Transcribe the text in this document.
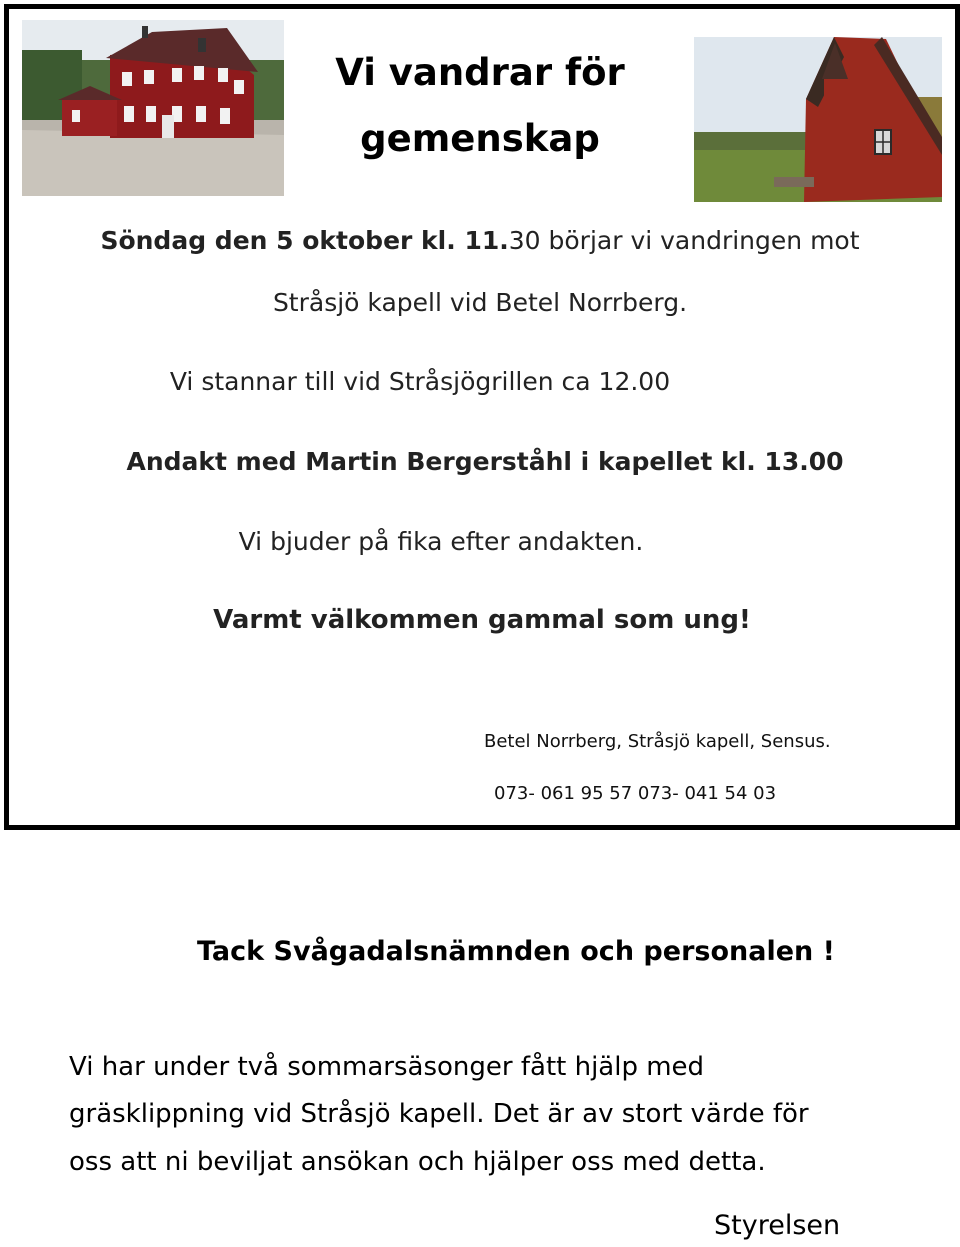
Vi vandrar för
gemenskap
Söndag den 5 oktober kl. 11.30 börjar vi vandringen mot
Stråsjö kapell vid Betel Norrberg.
Vi stannar till vid Stråsjögrillen ca 12.00
Andakt med Martin Bergerståhl i kapellet kl. 13.00
Vi bjuder på fika efter andakten.
Varmt välkommen gammal som ung!
Betel Norrberg, Stråsjö kapell, Sensus.
073- 061 95 57 073- 041 54 03
Tack Svågadalsnämnden och personalen !
Vi har under två sommarsäsonger fått hjälp med
gräsklippning vid Stråsjö kapell. Det är av stort värde för
oss att ni beviljat ansökan och hjälper oss med detta.
Styrelsen
